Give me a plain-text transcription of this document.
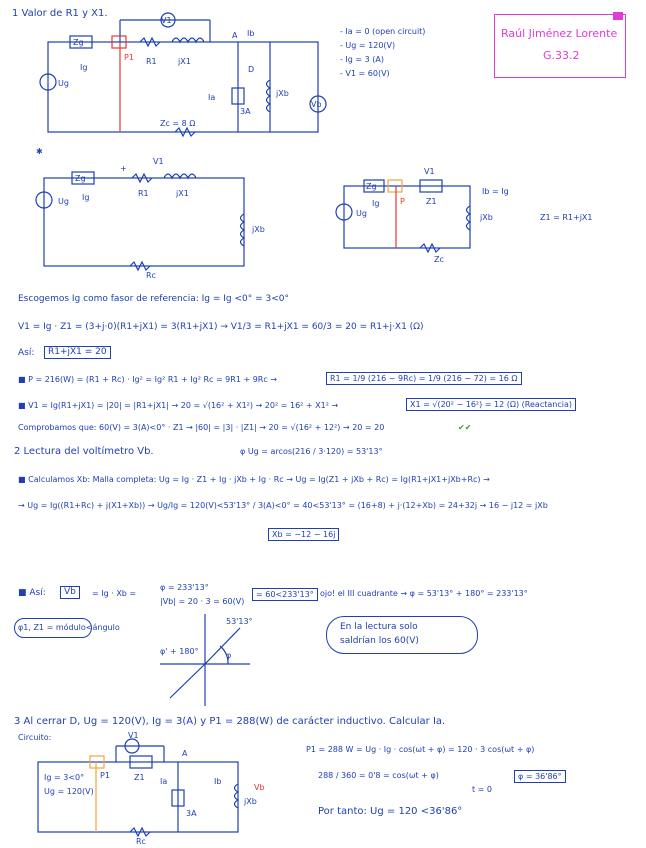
1 Valor de R1 y X1.
Raúl Jiménez Lorente
G.33.2
- Ia = 0 (open circuit)
- Ug = 120(V)
- Ig = 3 (A)
- V1 = 60(V)
Zg
P1
V1
R1	jX1
A Ib
Ug
Ig	D
Ia
3A
jXb
Vb
Zc = 8 Ω
✱
Zg
Ig
Ug
+
V1
R1	jX1
jXb
Rc
Zg
P
Ug
Ig
V1
Z1
Ib = Ig
jXb
Zc
Z1 = R1+jX1
Escogemos Ig como fasor de referencia: Ig = Ig <0° = 3<0°
V1 = Ig · Z1 = (3+j·0)(R1+jX1) = 3(R1+jX1) → V1/3 = R1+jX1 = 60/3 = 20 = R1+j·X1 (Ω)
Así:	R1+jX1 = 20
■ P = 216(W) = (R1 + Rc) · Ig² = Ig² R1 + Ig² Rc = 9R1 + 9Rc →	R1 = 1/9 (216 − 9Rc) = 1/9 (216 − 72) = 16 Ω
■ V1 = Ig(R1+jX1) = |20| = |R1+jX1| → 20 = √(16² + X1²) → 20² = 16² + X1² →	X1 = √(20² − 16²) = 12 (Ω) (Reactancia)
Comprobamos que: 60(V) = 3(A)<0° · Z1 → |60| = |3| · |Z1| → 20 = √(16² + 12²) → 20 = 20	✔✔
2 Lectura del voltímetro Vb.	φ Ug = arcos(216 / 3·120) = 53'13°
■ Calculamos Xb: Malla completa: Ug = Ig · Z1 + Ig · jXb + Ig · Rc → Ug = Ig(Z1 + jXb + Rc) = Ig(R1+jX1+jXb+Rc) →
→ Ug = Ig((R1+Rc) + j(X1+Xb)) → Ug/Ig = 120(V)<53'13° / 3(A)<0° = 40<53'13° = (16+8) + j·(12+Xb) = 24+32j → 16 − j12 = jXb
Xb = −12 − 16j
■ Así:	Vb	= Ig · Xb =
φ = 233'13°
|Vb| = 20 · 3 = 60(V)
= 60<233'13° ojo! el III cuadrante → φ = 53'13° + 180° = 233'13°
En la lectura solo
saldrían los 60(V)
φ1, Z1 = módulo<ángulo
53'13°
φ' + 180°	φ
3 Al cerrar D, Ug = 120(V), Ig = 3(A) y P1 = 288(W) de carácter inductivo. Calcular Ia.
Circuito:
Ig = 3<0°
Ug = 120(V)
V1
P1	Z1
A
Ia	Ib
3A
jXb
Vb
Rc
P1 = 288 W = Ug · Ig · cos(ωt + φ) = 120 · 3 cos(ωt + φ)
288 / 360 = 0'8 = cos(ωt + φ)
t = 0
φ = 36'86°
Por tanto: Ug = 120 <36'86°
